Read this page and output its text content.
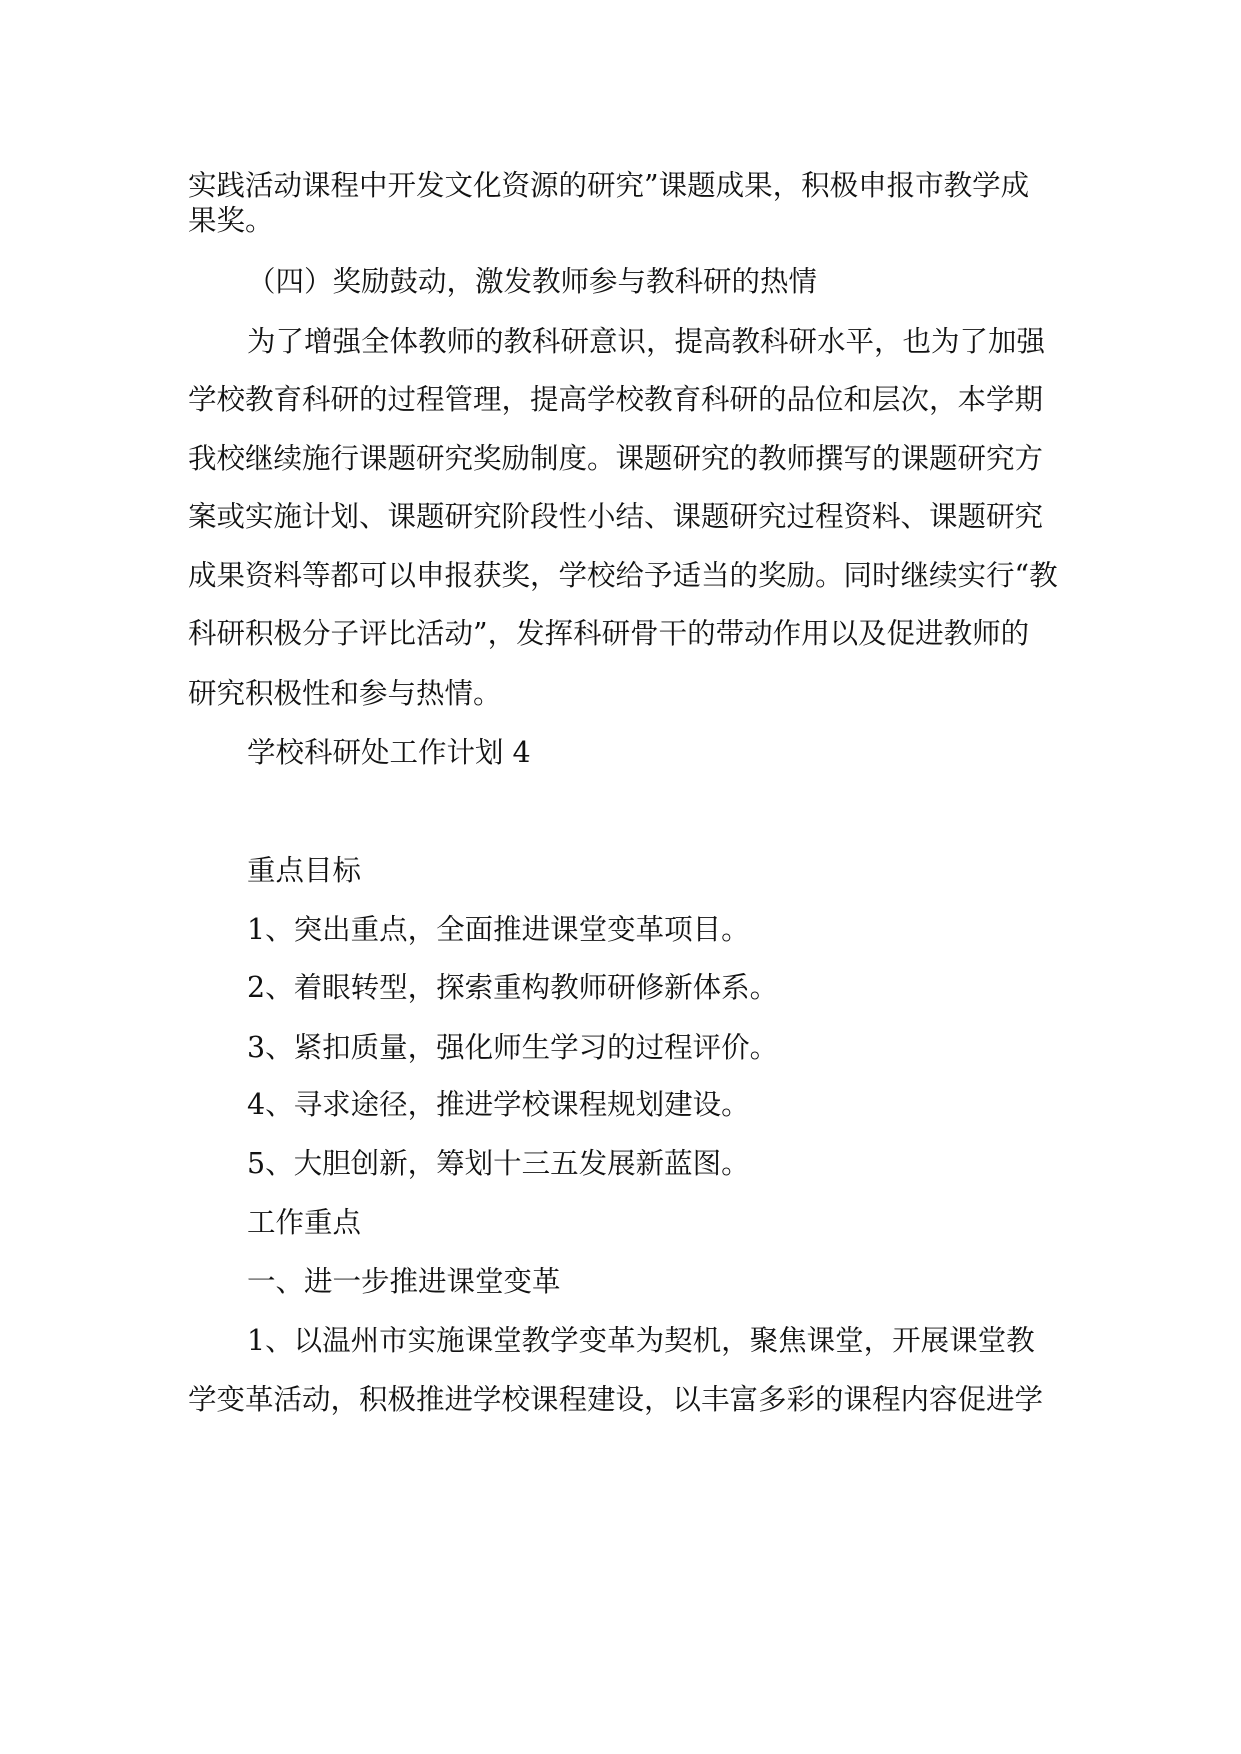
实践活动课程中开发文化资源的研究”课题成果，积极申报市教学成
果奖。
（四）奖励鼓动，激发教师参与教科研的热情
为了增强全体教师的教科研意识，提高教科研水平，也为了加强
学校教育科研的过程管理，提高学校教育科研的品位和层次，本学期
我校继续施行课题研究奖励制度。课题研究的教师撰写的课题研究方
案或实施计划、课题研究阶段性小结、课题研究过程资料、课题研究
成果资料等都可以申报获奖，学校给予适当的奖励。同时继续实行“教
科研积极分子评比活动”，发挥科研骨干的带动作用以及促进教师的
研究积极性和参与热情。
学校科研处工作计划 4
重点目标
1、突出重点，全面推进课堂变革项目。
2、着眼转型，探索重构教师研修新体系。
3、紧扣质量，强化师生学习的过程评价。
4、寻求途径，推进学校课程规划建设。
5、大胆创新，筹划十三五发展新蓝图。
工作重点
一、进一步推进课堂变革
1、以温州市实施课堂教学变革为契机，聚焦课堂，开展课堂教
学变革活动，积极推进学校课程建设，以丰富多彩的课程内容促进学
